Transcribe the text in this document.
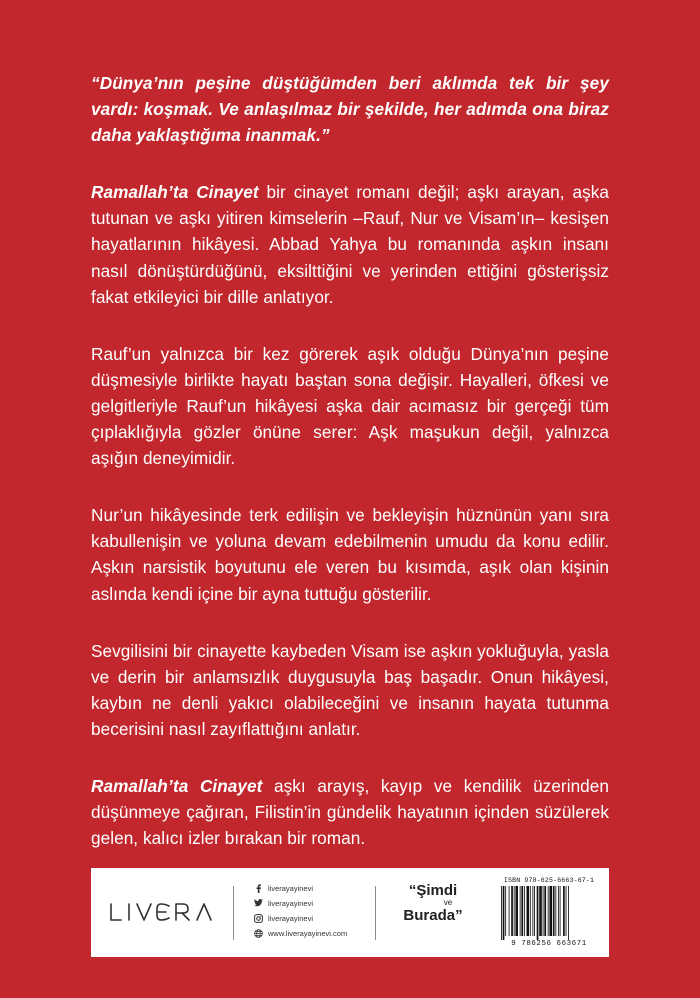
“Dünya’nın peşine düştüğümden beri aklımda tek bir şey vardı: koşmak. Ve anlaşılmaz bir şekilde, her adımda ona biraz daha yaklaştığıma inanmak.”

Ramallah’ta Cinayet bir cinayet romanı değil; aşkı arayan, aşka tutunan ve aşkı yitiren kimselerin –Rauf, Nur ve Visam’ın– kesişen hayatlarının hikâyesi. Abbad Yahya bu romanında aşkın insanı nasıl dönüştürdüğünü, eksilttiğini ve yerinden ettiğini gösterişsiz fakat etkileyici bir dille anlatıyor.

Rauf’un yalnızca bir kez görerek aşık olduğu Dünya’nın peşine düşmesiyle birlikte hayatı baştan sona değişir. Hayalleri, öfkesi ve gelgitleriyle Rauf’un hikâyesi aşka dair acımasız bir gerçeği tüm çıplaklığıyla gözler önüne serer: Aşk maşukun değil, yalnızca aşığın deneyimidir.

Nur’un hikâyesinde terk edilişin ve bekleyişin hüznünün yanı sıra kabullenişin ve yoluna devam edebilmenin umudu da konu edilir. Aşkın narsistik boyutunu ele veren bu kısımda, aşık olan kişinin aslında kendi içine bir ayna tuttuğu gösterilir.

Sevgilisini bir cinayette kaybeden Visam ise aşkın yokluğuyla, yasla ve derin bir anlamsızlık duygusuyla baş başadır. Onun hikâyesi, kaybın ne denli yakıcı olabileceğini ve insanın hayata tutunma becerisini nasıl zayıflattığını anlatır.

Ramallah’ta Cinayet aşkı arayış, kayıp ve kendilik üzerinden düşünmeye çağıran, Filistin’in gündelik hayatının içinden süzülerek gelen, kalıcı izler bırakan bir roman.

liverayayinevi
liverayayinevi
liverayayinevi
www.liverayayinevi.com
“Şimdi
ve
Burada”
ISBN 978-625-6663-67-1
9 786256 663671
